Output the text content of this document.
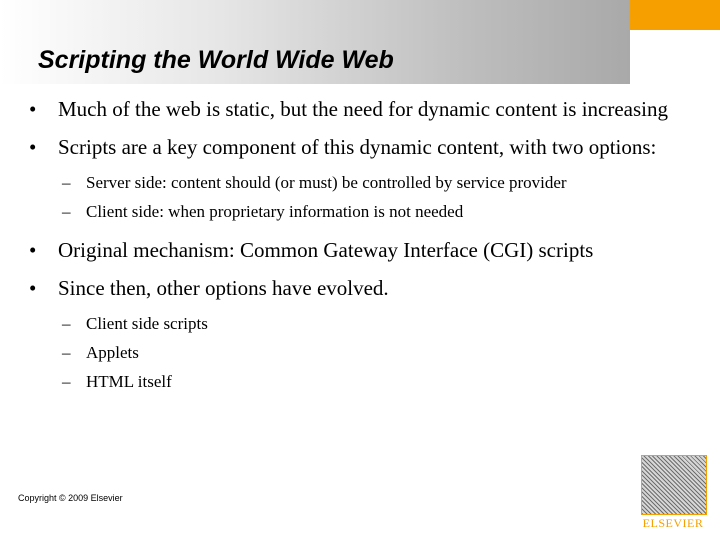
Scripting the World Wide Web
• Much of the web is static, but the need for dynamic content is increasing
• Scripts are a key component of this dynamic content, with two options:
– Server side: content should (or must) be controlled by service provider
– Client side: when proprietary information is not needed
• Original mechanism: Common Gateway Interface (CGI) scripts
• Since then, other options have evolved.
– Client side scripts
– Applets
– HTML itself
Copyright © 2009 Elsevier
ELSEVIER
